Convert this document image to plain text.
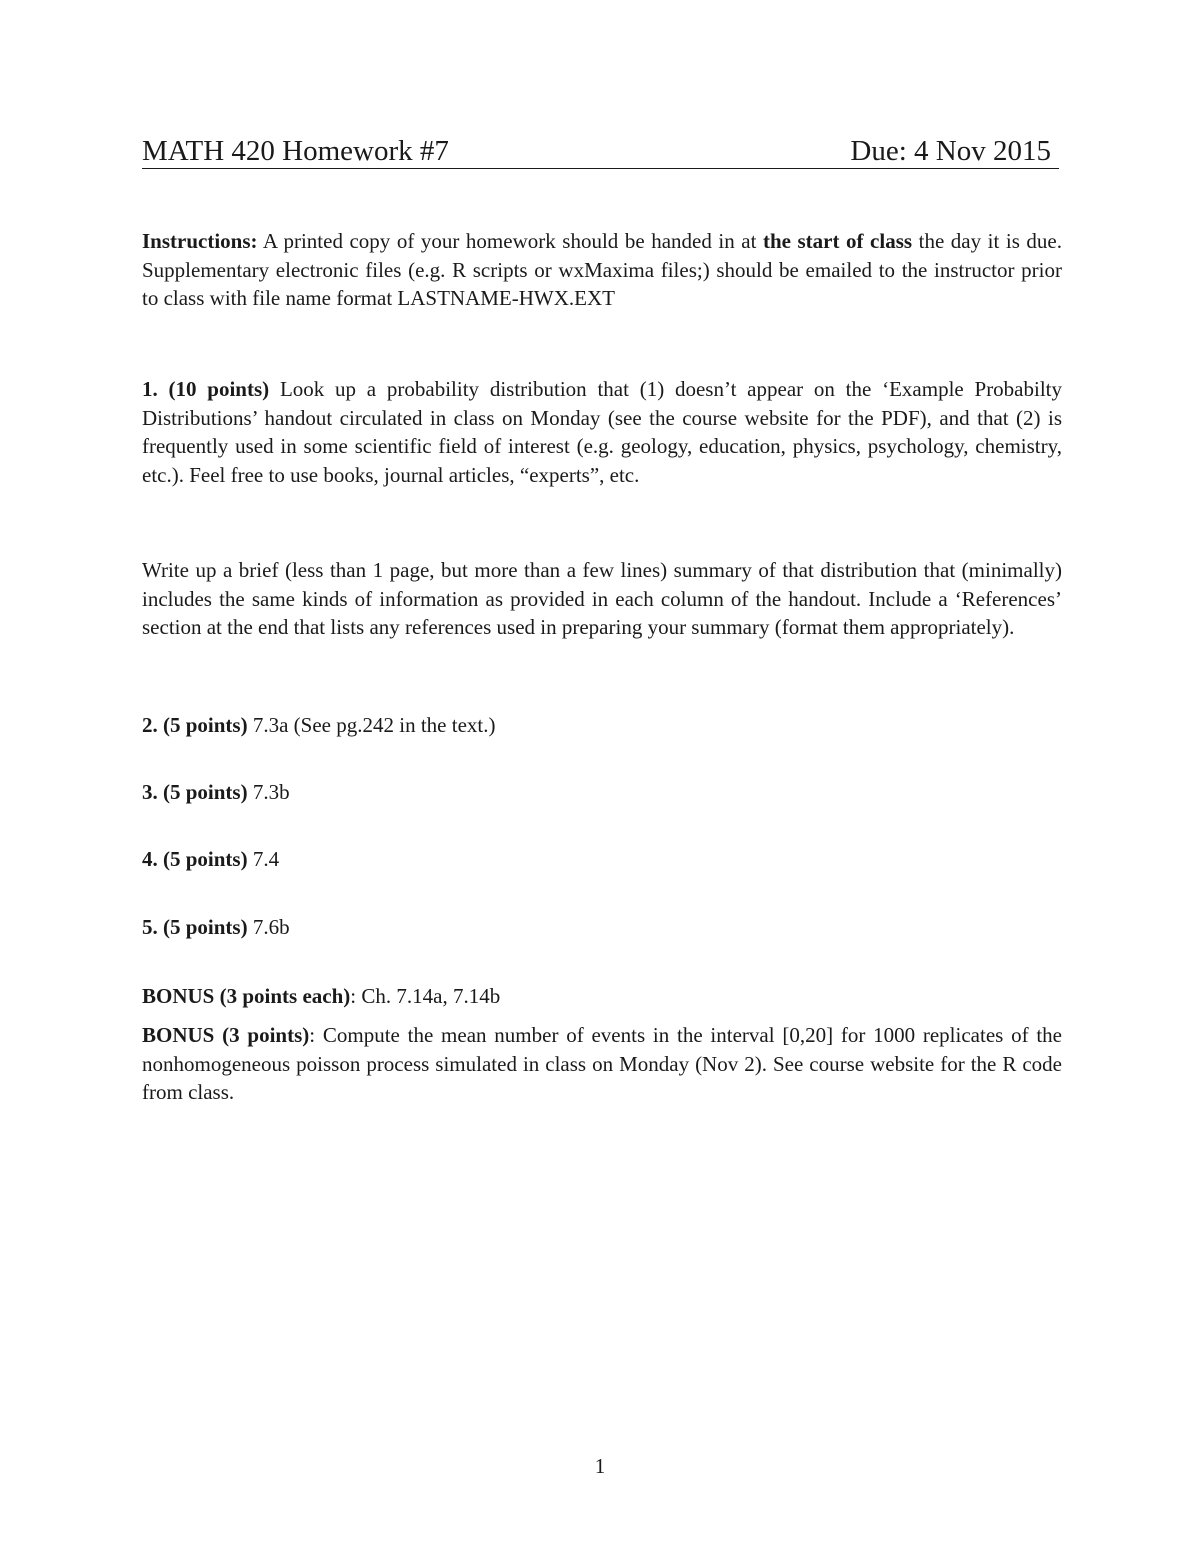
MATH 420 Homework #7	Due: 4 Nov 2015
Instructions: A printed copy of your homework should be handed in at the start of class the day it is due. Supplementary electronic files (e.g. R scripts or wxMaxima files;) should be emailed to the instructor prior to class with file name format LASTNAME-HWX.EXT
1. (10 points) Look up a probability distribution that (1) doesn’t appear on the ‘Example Probabilty Distributions’ handout circulated in class on Monday (see the course website for the PDF), and that (2) is frequently used in some scientific field of interest (e.g. geology, education, physics, psychology, chemistry, etc.). Feel free to use books, journal articles, “experts”, etc.
Write up a brief (less than 1 page, but more than a few lines) summary of that distribution that (minimally) includes the same kinds of information as provided in each column of the handout. Include a ‘References’ section at the end that lists any references used in preparing your summary (format them appropriately).
2. (5 points) 7.3a (See pg.242 in the text.)
3. (5 points) 7.3b
4. (5 points) 7.4
5. (5 points) 7.6b
BONUS (3 points each): Ch. 7.14a, 7.14b
BONUS (3 points): Compute the mean number of events in the interval [0,20] for 1000 replicates of the nonhomogeneous poisson process simulated in class on Monday (Nov 2). See course website for the R code from class.
1
